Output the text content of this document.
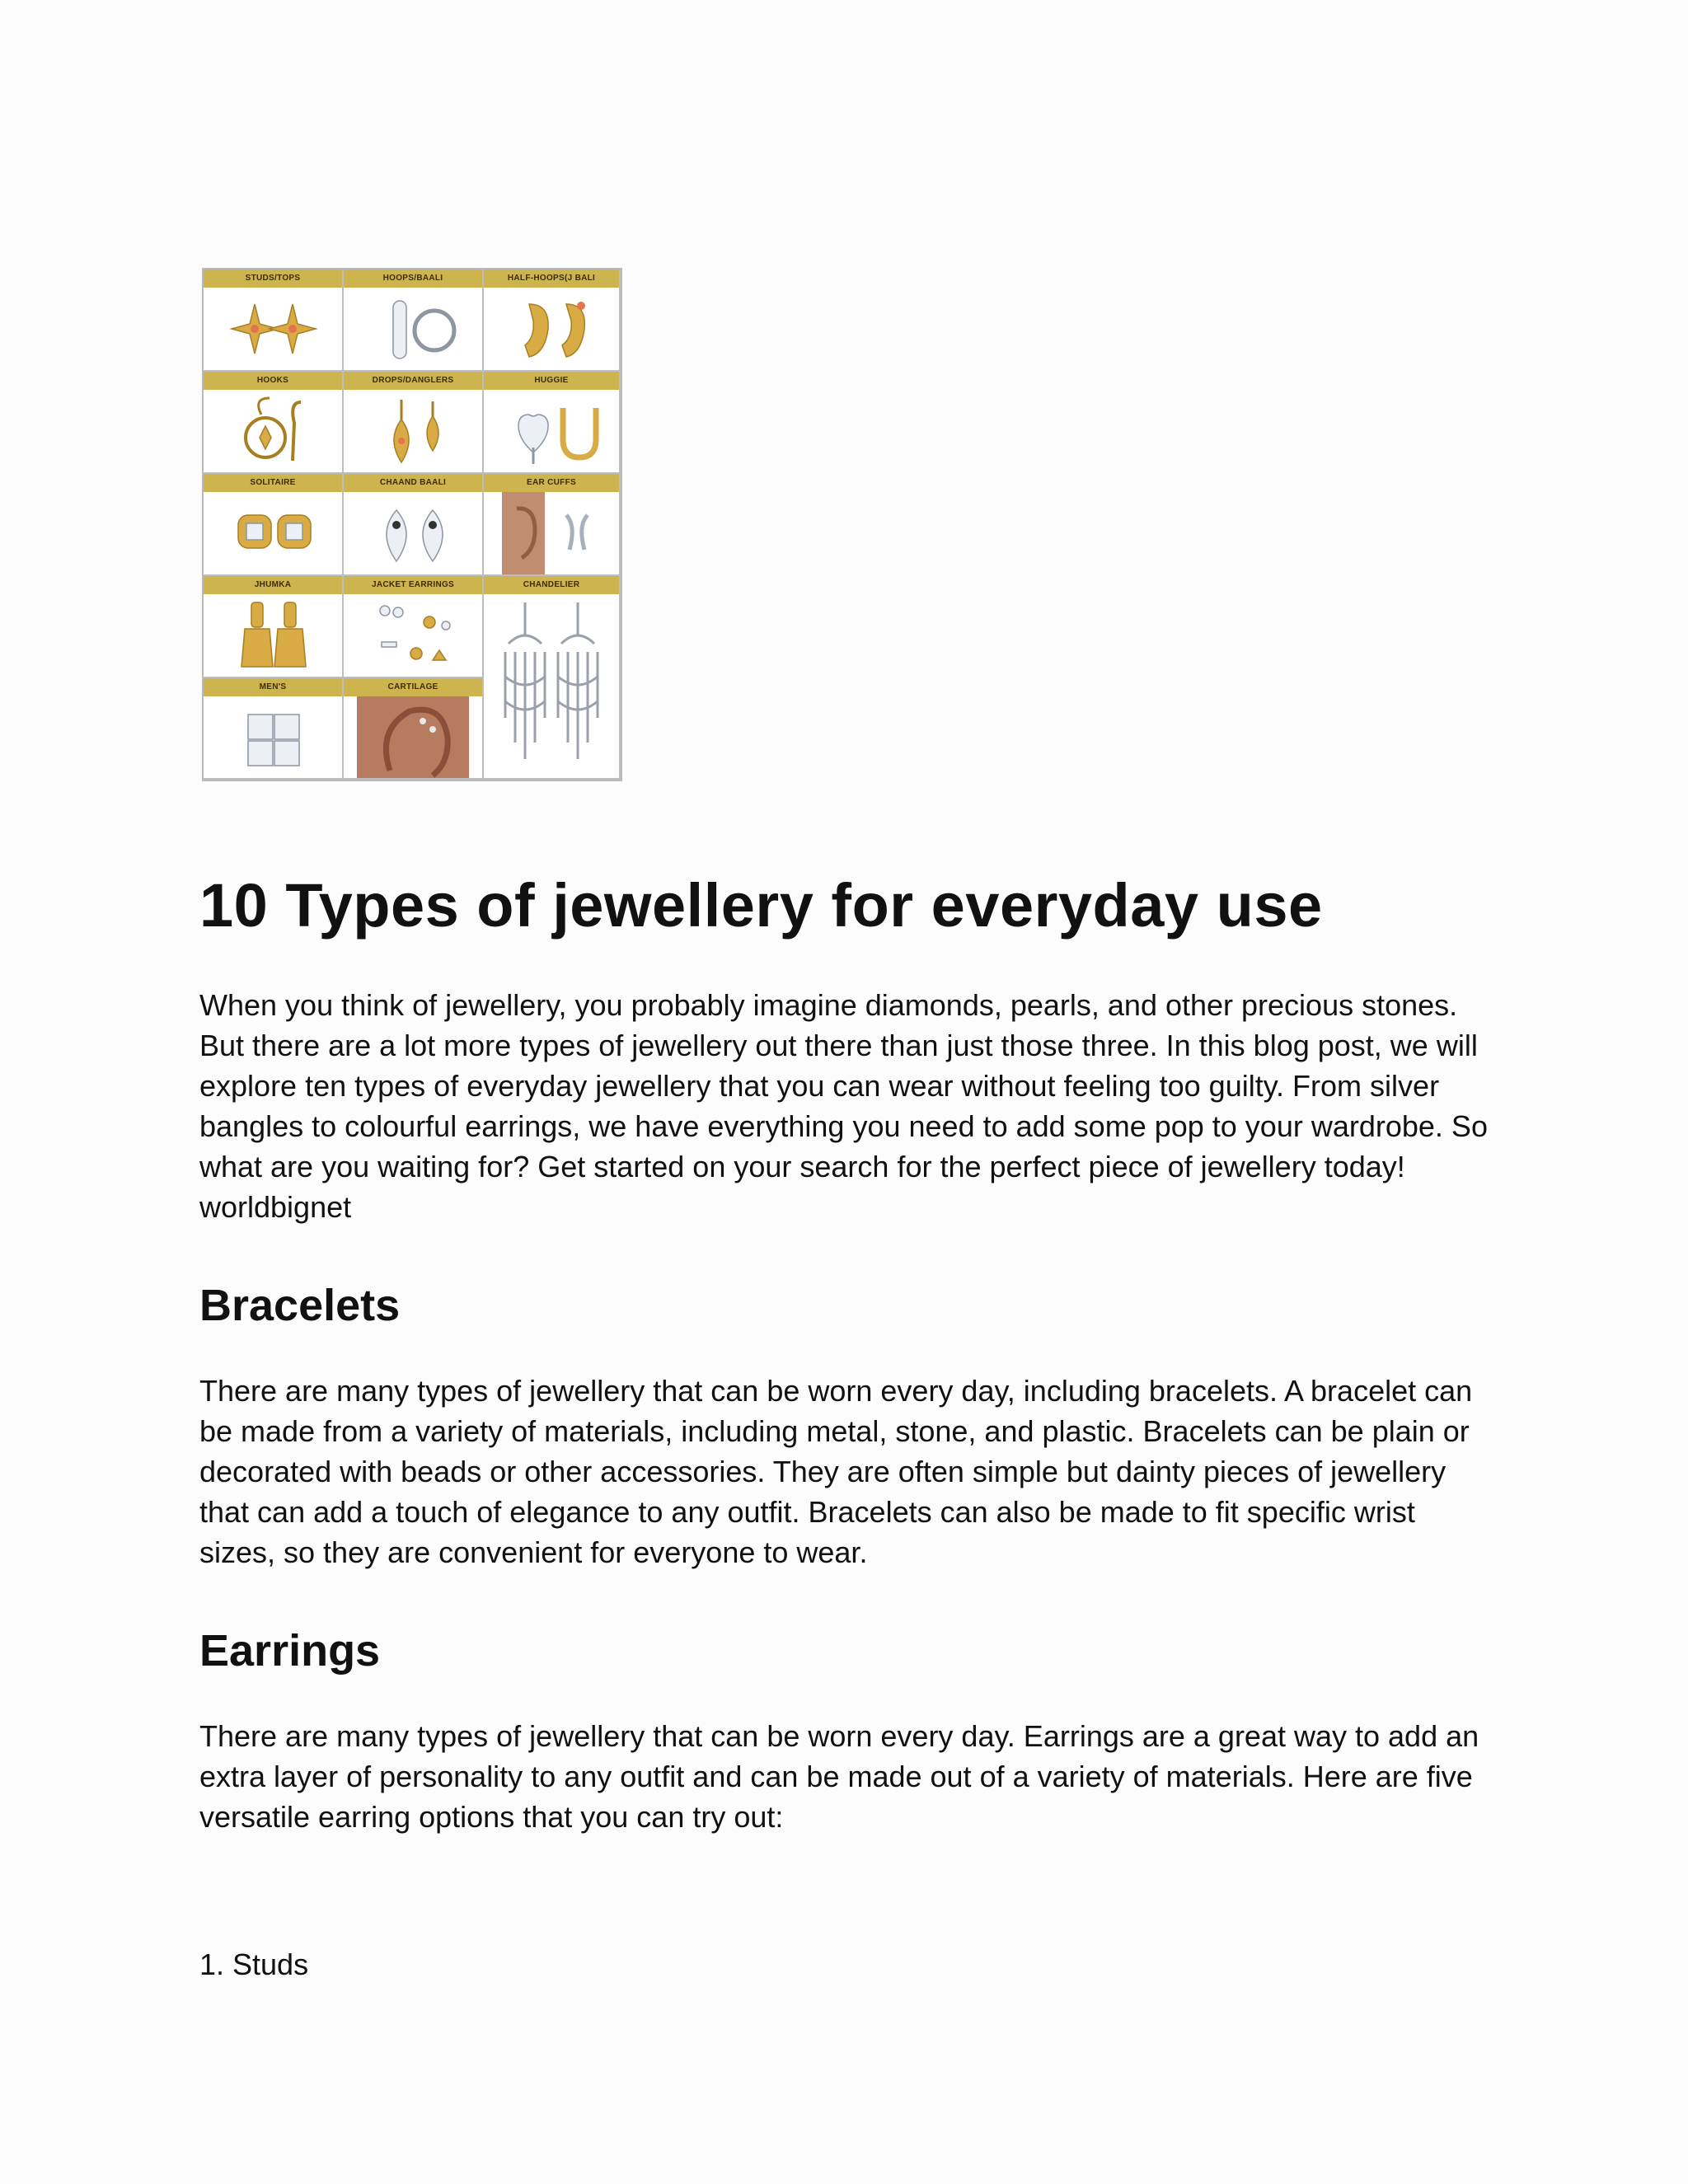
STUDS/TOPS	HOOPS/BAALI	HALF-HOOPS(J BALI
HOOKS	DROPS/DANGLERS	HUGGIE
SOLITAIRE	CHAAND BAALI	EAR CUFFS
JHUMKA	JACKET EARRINGS	CHANDELIER
MEN'S	CARTILAGE
10 Types of jewellery for everyday use

When you think of jewellery, you probably imagine diamonds, pearls, and other precious stones. But there are a lot more types of jewellery out there than just those three. In this blog post, we will explore ten types of everyday jewellery that you can wear without feeling too guilty. From silver bangles to colourful earrings, we have everything you need to add some pop to your wardrobe. So what are you waiting for? Get started on your search for the perfect piece of jewellery today! worldbignet

Bracelets

There are many types of jewellery that can be worn every day, including bracelets. A bracelet can be made from a variety of materials, including metal, stone, and plastic. Bracelets can be plain or decorated with beads or other accessories. They are often simple but dainty pieces of jewellery that can add a touch of elegance to any outfit. Bracelets can also be made to fit specific wrist sizes, so they are convenient for everyone to wear.

Earrings

There are many types of jewellery that can be worn every day. Earrings are a great way to add an extra layer of personality to any outfit and can be made out of a variety of materials. Here are five versatile earring options that you can try out:

1. Studs
